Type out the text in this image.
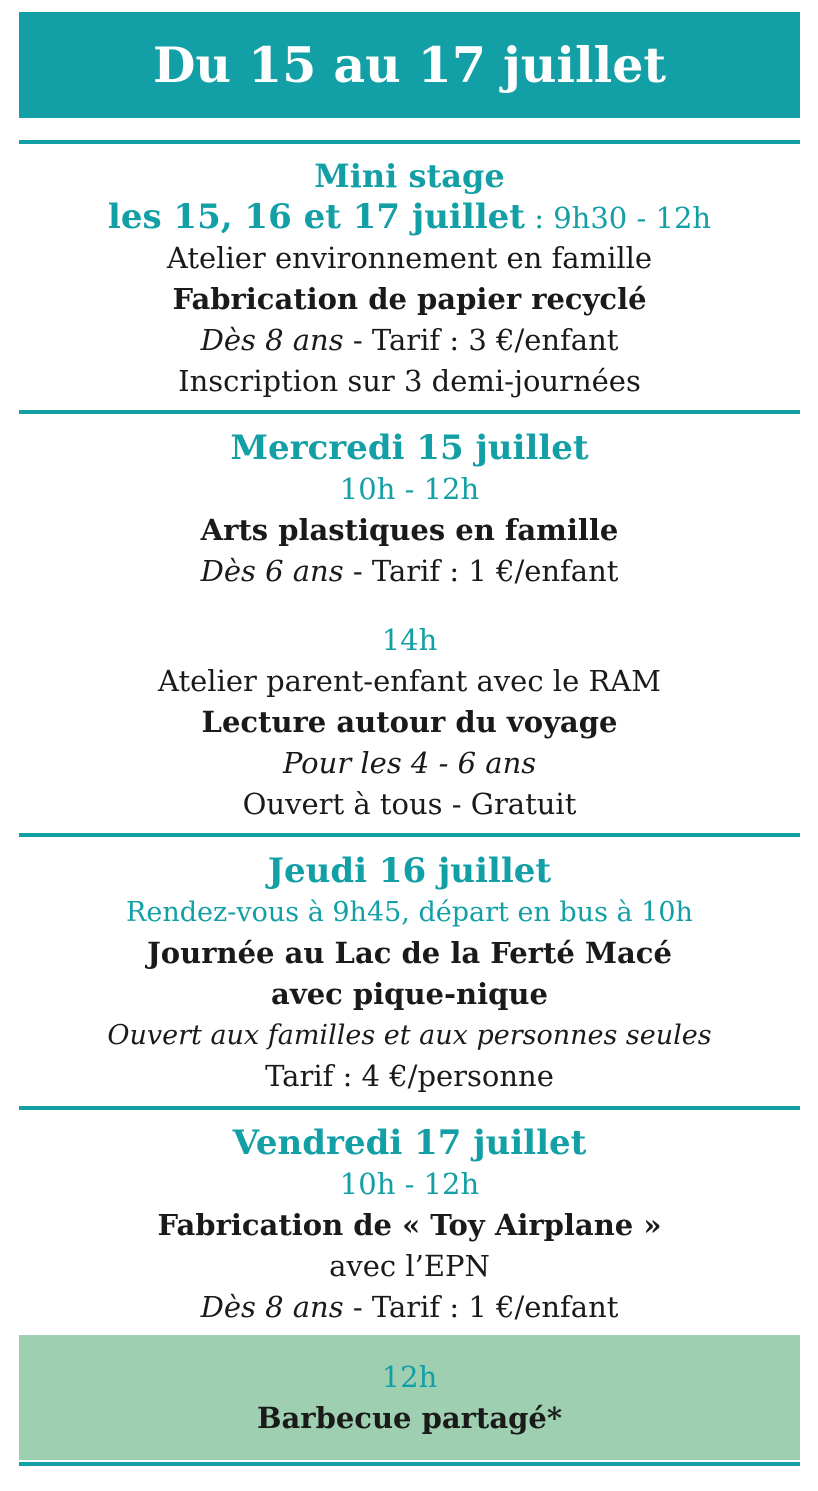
Du 15 au 17 juillet
Mini stage
les 15, 16 et 17 juillet : 9h30 - 12h
Atelier environnement en famille
Fabrication de papier recyclé
Dès 8 ans - Tarif : 3 €/enfant
Inscription sur 3 demi-journées
Mercredi 15 juillet
10h - 12h
Arts plastiques en famille
Dès 6 ans - Tarif : 1 €/enfant
14h
Atelier parent-enfant avec le RAM
Lecture autour du voyage
Pour les 4 - 6 ans
Ouvert à tous - Gratuit
Jeudi 16 juillet
Rendez-vous à 9h45, départ en bus à 10h
Journée au Lac de la Ferté Macé
avec pique-nique
Ouvert aux familles et aux personnes seules
Tarif : 4 €/personne
Vendredi 17 juillet
10h - 12h
Fabrication de « Toy Airplane »
avec l’EPN
Dès 8 ans - Tarif : 1 €/enfant
12h
Barbecue partagé*
